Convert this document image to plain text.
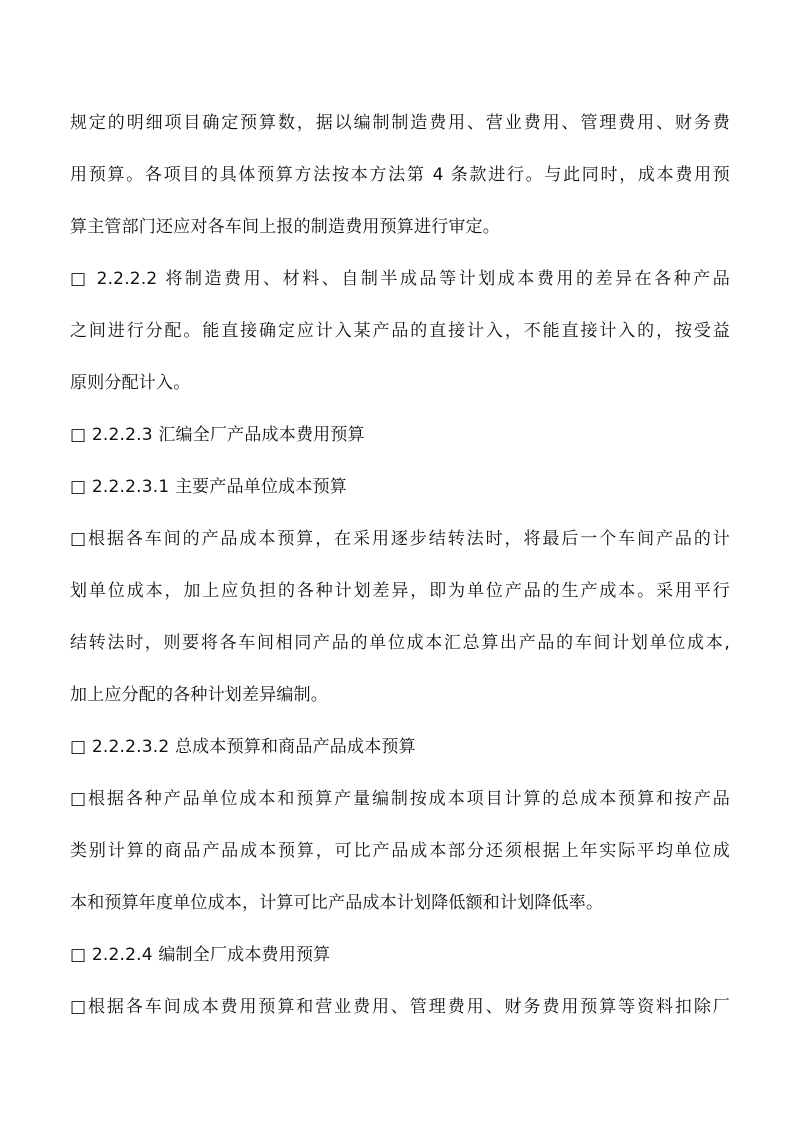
规定的明细项目确定预算数，据以编制制造费用、营业费用、管理费用、财务费
用预算。各项目的具体预算方法按本方法第 4 条款进行。与此同时，成本费用预
算主管部门还应对各车间上报的制造费用预算进行审定。
□ 2.2.2.2 将制造费用、材料、自制半成品等计划成本费用的差异在各种产品
之间进行分配。能直接确定应计入某产品的直接计入，不能直接计入的，按受益
原则分配计入。
□ 2.2.2.3 汇编全厂产品成本费用预算
□ 2.2.2.3.1 主要产品单位成本预算
□根据各车间的产品成本预算，在采用逐步结转法时，将最后一个车间产品的计
划单位成本，加上应负担的各种计划差异，即为单位产品的生产成本。采用平行
结转法时，则要将各车间相同产品的单位成本汇总算出产品的车间计划单位成本,
加上应分配的各种计划差异编制。
□ 2.2.2.3.2 总成本预算和商品产品成本预算
□根据各种产品单位成本和预算产量编制按成本项目计算的总成本预算和按产品
类别计算的商品产品成本预算，可比产品成本部分还须根据上年实际平均单位成
本和预算年度单位成本，计算可比产品成本计划降低额和计划降低率。
□ 2.2.2.4 编制全厂成本费用预算
□根据各车间成本费用预算和营业费用、管理费用、财务费用预算等资料扣除厂
